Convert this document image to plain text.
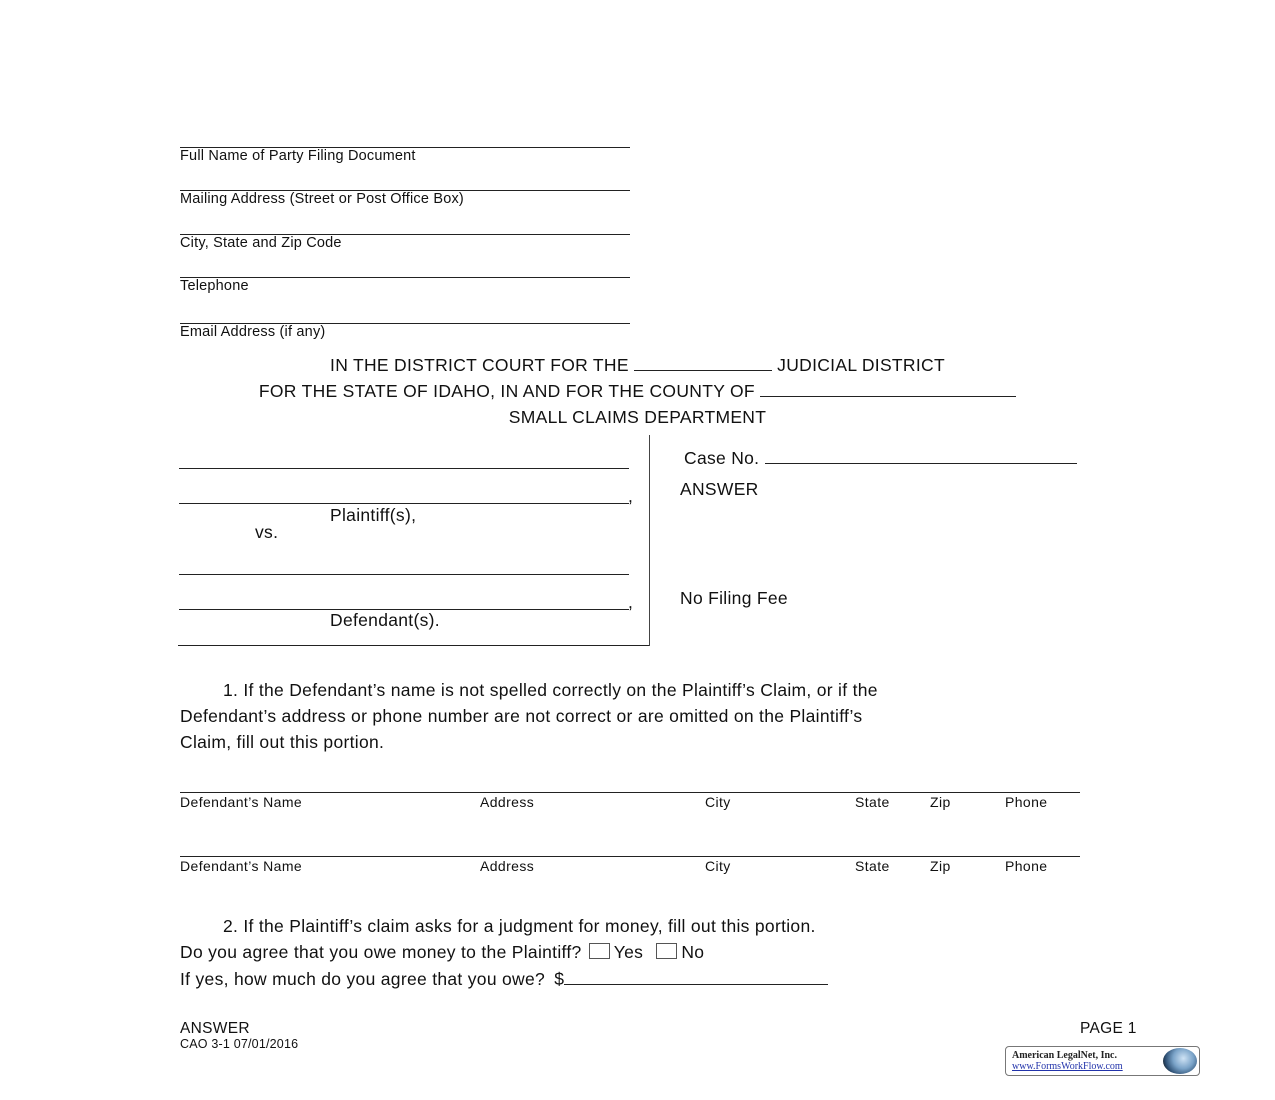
Full Name of Party Filing Document
Mailing Address (Street or Post Office Box)
City, State and Zip Code
Telephone
Email Address (if any)
IN THE DISTRICT COURT FOR THE	JUDICIAL DISTRICT
FOR THE STATE OF IDAHO, IN AND FOR THE COUNTY OF
SMALL CLAIMS DEPARTMENT
,
Plaintiff(s),
vs.
,
Defendant(s).
Case No.
ANSWER
No Filing Fee
1. If the Defendant’s name is not spelled correctly on the Plaintiff’s Claim, or if the
Defendant’s address or phone number are not correct or are omitted on the Plaintiff’s
Claim, fill out this portion.
Defendant’s Name	Address	City	State	Zip	Phone
Defendant’s Name	Address	City	State	Zip	Phone
2. If the Plaintiff’s claim asks for a judgment for money, fill out this portion.
Do you agree that you owe money to the Plaintiff? Yes No
If yes, how much do you agree that you owe? $
ANSWER
CAO 3-1 07/01/2016
PAGE 1
American LegalNet, Inc.
www.FormsWorkFlow.com
